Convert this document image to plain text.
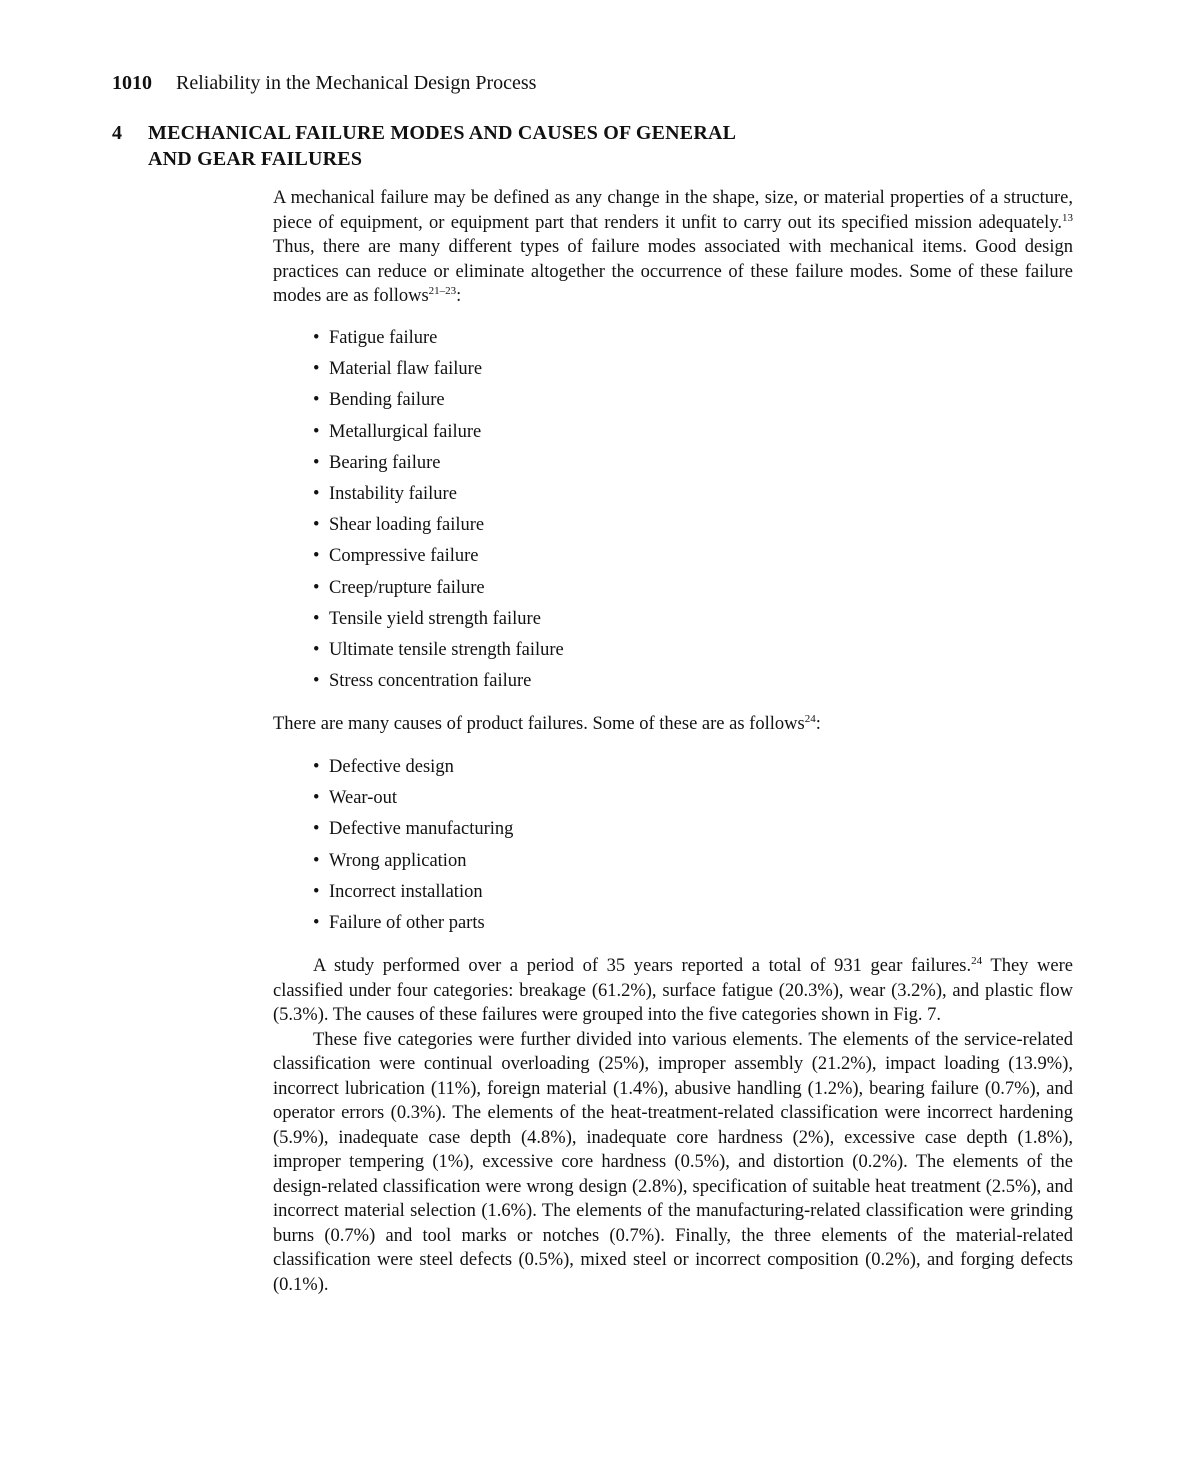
1010 Reliability in the Mechanical Design Process
4 MECHANICAL FAILURE MODES AND CAUSES OF GENERAL
AND GEAR FAILURES

A mechanical failure may be defined as any change in the shape, size, or material properties of a structure, piece of equipment, or equipment part that renders it unfit to carry out its specified mission adequately.$^{13}$ Thus, there are many different types of failure modes associated with mechanical items. Good design practices can reduce or eliminate altogether the occurrence of these failure modes. Some of these failure modes are as follows$^{21-23}$:

• Fatigue failure
• Material flaw failure
• Bending failure
• Metallurgical failure
• Bearing failure
• Instability failure
• Shear loading failure
• Compressive failure
• Creep/rupture failure
• Tensile yield strength failure
• Ultimate tensile strength failure
• Stress concentration failure

There are many causes of product failures. Some of these are as follows$^{24}$:

• Defective design
• Wear-out
• Defective manufacturing
• Wrong application
• Incorrect installation
• Failure of other parts

A study performed over a period of 35 years reported a total of 931 gear failures.$^{24}$ They were classified under four categories: breakage (61.2%), surface fatigue (20.3%), wear (3.2%), and plastic flow (5.3%). The causes of these failures were grouped into the five categories shown in Fig. 7.

These five categories were further divided into various elements. The elements of the service-related classification were continual overloading (25%), improper assembly (21.2%), impact loading (13.9%), incorrect lubrication (11%), foreign material (1.4%), abusive handling (1.2%), bearing failure (0.7%), and operator errors (0.3%). The elements of the heat-treatment-related classification were incorrect hardening (5.9%), inadequate case depth (4.8%), inadequate core hardness (2%), excessive case depth (1.8%), improper tempering (1%), excessive core hardness (0.5%), and distortion (0.2%). The elements of the design-related classification were wrong design (2.8%), specification of suitable heat treatment (2.5%), and incorrect material selection (1.6%). The elements of the manufacturing-related classification were grinding burns (0.7%) and tool marks or notches (0.7%). Finally, the three elements of the material-related classification were steel defects (0.5%), mixed steel or incorrect composition (0.2%), and forging defects (0.1%).
